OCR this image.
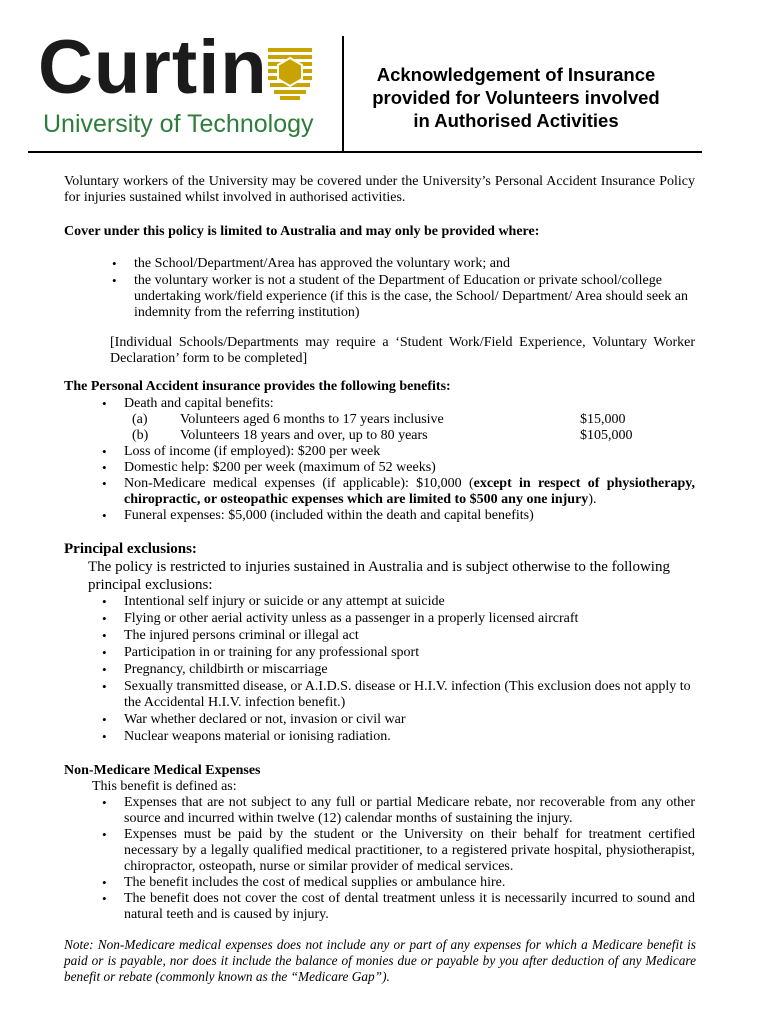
Curtin

University of Technology

Acknowledgement of Insurance
provided for Volunteers involved
in Authorised Activities

Voluntary workers of the University may be covered under the University’s Personal Accident Insurance Policy for injuries sustained whilst involved in authorised activities.

Cover under this policy is limited to Australia and may only be provided where:

• the School/Department/Area has approved the voluntary work; and
• the voluntary worker is not a student of the Department of Education or private school/college undertaking work/field experience (if this is the case, the School/ Department/ Area should seek an indemnity from the referring institution)

[Individual Schools/Departments may require a ‘Student Work/Field Experience, Voluntary Worker Declaration’ form to be completed]

The Personal Accident insurance provides the following benefits:

• Death and capital benefits:
(a) Volunteers aged 6 months to 17 years inclusive	$15,000
(b) Volunteers 18 years and over, up to 80 years	$105,000
• Loss of income (if employed): $200 per week
• Domestic help: $200 per week (maximum of 52 weeks)
• Non-Medicare medical expenses (if applicable): $10,000 (except in respect of physiotherapy, chiropractic, or osteopathic expenses which are limited to $500 any one injury).
• Funeral expenses: $5,000 (included within the death and capital benefits)

Principal exclusions:

The policy is restricted to injuries sustained in Australia and is subject otherwise to the following principal exclusions:

• Intentional self injury or suicide or any attempt at suicide
• Flying or other aerial activity unless as a passenger in a properly licensed aircraft
• The injured persons criminal or illegal act
• Participation in or training for any professional sport
• Pregnancy, childbirth or miscarriage
• Sexually transmitted disease, or A.I.D.S. disease or H.I.V. infection (This exclusion does not apply to the Accidental H.I.V. infection benefit.)
• War whether declared or not, invasion or civil war
• Nuclear weapons material or ionising radiation.

Non-Medicare Medical Expenses

This benefit is defined as:

• Expenses that are not subject to any full or partial Medicare rebate, nor recoverable from any other source and incurred within twelve (12) calendar months of sustaining the injury.
• Expenses must be paid by the student or the University on their behalf for treatment certified necessary by a legally qualified medical practitioner, to a registered private hospital, physiotherapist, chiropractor, osteopath, nurse or similar provider of medical services.
• The benefit includes the cost of medical supplies or ambulance hire.
• The benefit does not cover the cost of dental treatment unless it is necessarily incurred to sound and natural teeth and is caused by injury.

Note: Non-Medicare medical expenses does not include any or part of any expenses for which a Medicare benefit is paid or is payable, nor does it include the balance of monies due or payable by you after deduction of any Medicare benefit or rebate (commonly known as the “Medicare Gap”).
